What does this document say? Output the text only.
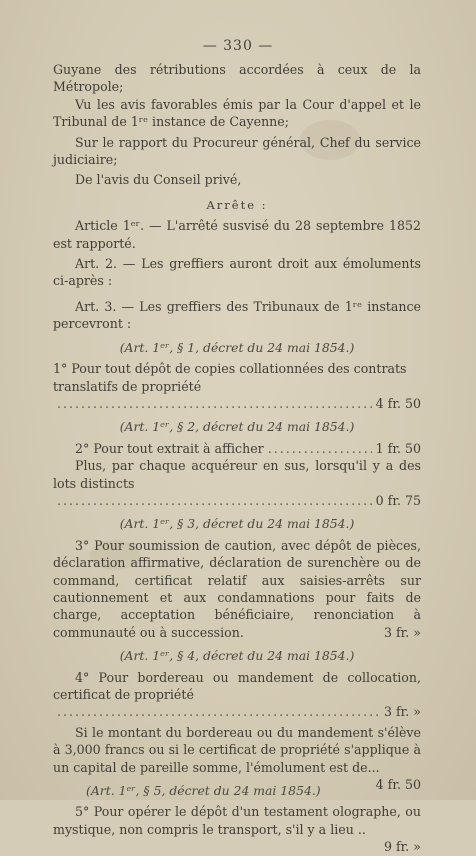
— 330 —

Guyane des rétributions accordées à ceux de la Métropole;

Vu les avis favorables émis par la Cour d'appel et le Tribunal de 1ʳᵉ instance de Cayenne;

Sur le rapport du Procureur général, Chef du service judiciaire;

De l'avis du Conseil privé,

Arrête :

Article 1ᵉʳ. — L'arrêté susvisé du 28 septembre 1852 est rapporté.

Art. 2. — Les greffiers auront droit aux émoluments ci-après :

Art. 3. — Les greffiers des Tribunaux de 1ʳᵉ instance percevront :

(Art. 1ᵉʳ, § 1, décret du 24 mai 1854.)

1° Pour tout dépôt de copies collationnées des contrats translatifs de propriété

.....
4 fr. 50

(Art. 1ᵉʳ, § 2, décret du 24 mai 1854.)

2° Pour tout extrait à afficher
.....	1 fr. 50

Plus, par chaque acquéreur en sus, lorsqu'il y a des lots distincts

.....
0 fr. 75

(Art. 1ᵉʳ, § 3, décret du 24 mai 1854.)

3° Pour soumission de caution, avec dépôt de pièces, déclaration affirmative, déclaration de surenchère ou de command, certificat relatif aux saisies-arrêts sur cautionnement et aux condamnations pour faits de charge, acceptation bénéficiaire, renonciation à communauté ou à succession.	3 fr. »

(Art. 1ᵉʳ, § 4, décret du 24 mai 1854.)

4° Pour bordereau ou mandement de collocation, certificat de propriété

.....
3 fr. »

Si le montant du bordereau ou du mandement s'élève à 3,000 francs ou si le certificat de propriété s'applique à un capital de pareille somme, l'émolument est de...
4 fr. 50

(Art. 1ᵉʳ, § 5, décret du 24 mai 1854.)

5° Pour opérer le dépôt d'un testament olographe, ou mystique, non compris le transport, s'il y a lieu ..
9 fr. »
